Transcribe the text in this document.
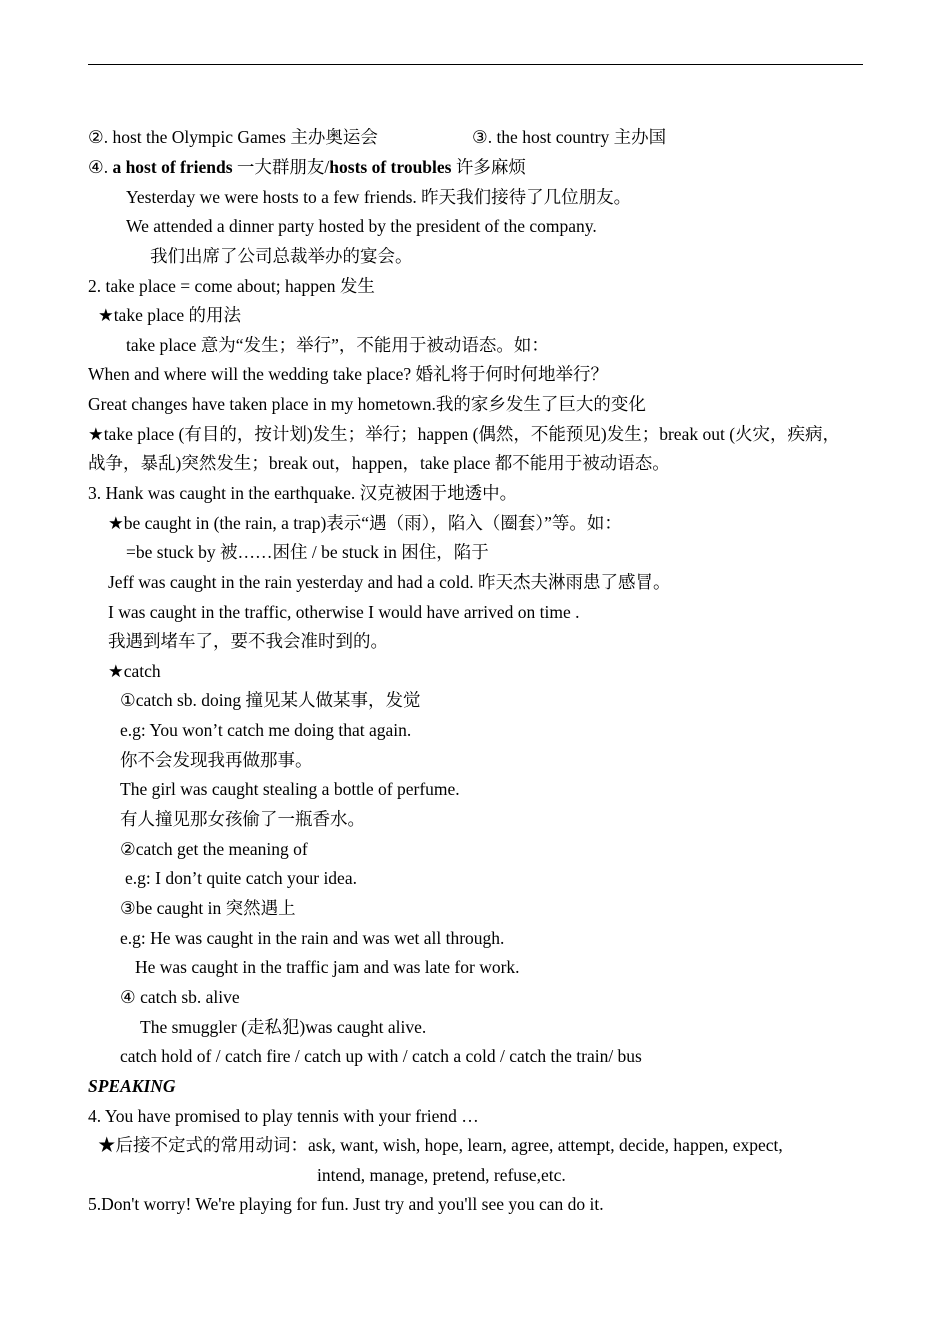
②. host the Olympic Games 主办奥运会	③. the host country 主办国
④. a host of friends 一大群朋友/hosts of troubles 许多麻烦
Yesterday we were hosts to a few friends. 昨天我们接待了几位朋友。
We attended a dinner party hosted by the president of the company.
我们出席了公司总裁举办的宴会。
2. take place = come about; happen 发生
★take place 的用法
take place 意为“发生；举行”，不能用于被动语态。如：
When and where will the wedding take place? 婚礼将于何时何地举行？
Great changes have taken place in my hometown.我的家乡发生了巨大的变化
★take place (有目的，按计划)发生；举行；happen (偶然，不能预见)发生；break out (火灾，疾病，
战争，暴乱)突然发生；break out，happen，take place 都不能用于被动语态。
3. Hank was caught in the earthquake. 汉克被困于地透中。
★be caught in (the rain, a trap)表示“遇（雨），陷入（圈套）”等。如：
=be stuck by 被……困住 / be stuck in 困住，陷于
Jeff was caught in the rain yesterday and had a cold. 昨天杰夫淋雨患了感冒。
I was caught in the traffic, otherwise I would have arrived on time .
我遇到堵车了，要不我会准时到的。
★catch
①catch sb. doing 撞见某人做某事，发觉
e.g: You won’t catch me doing that again.
你不会发现我再做那事。
The girl was caught stealing a bottle of perfume.
有人撞见那女孩偷了一瓶香水。
②catch get the meaning of
e.g: I don’t quite catch your idea.
③be caught in 突然遇上
e.g: He was caught in the rain and was wet all through.
He was caught in the traffic jam and was late for work.
④ catch sb. alive
The smuggler (走私犯)was caught alive.
catch hold of / catch fire / catch up with / catch a cold / catch the train/ bus
SPEAKING
4. You have promised to play tennis with your friend …
★后接不定式的常用动词：ask, want, wish, hope, learn, agree, attempt, decide, happen, expect,
intend, manage, pretend, refuse,etc.
5.Don't worry! We're playing for fun. Just try and you'll see you can do it.
